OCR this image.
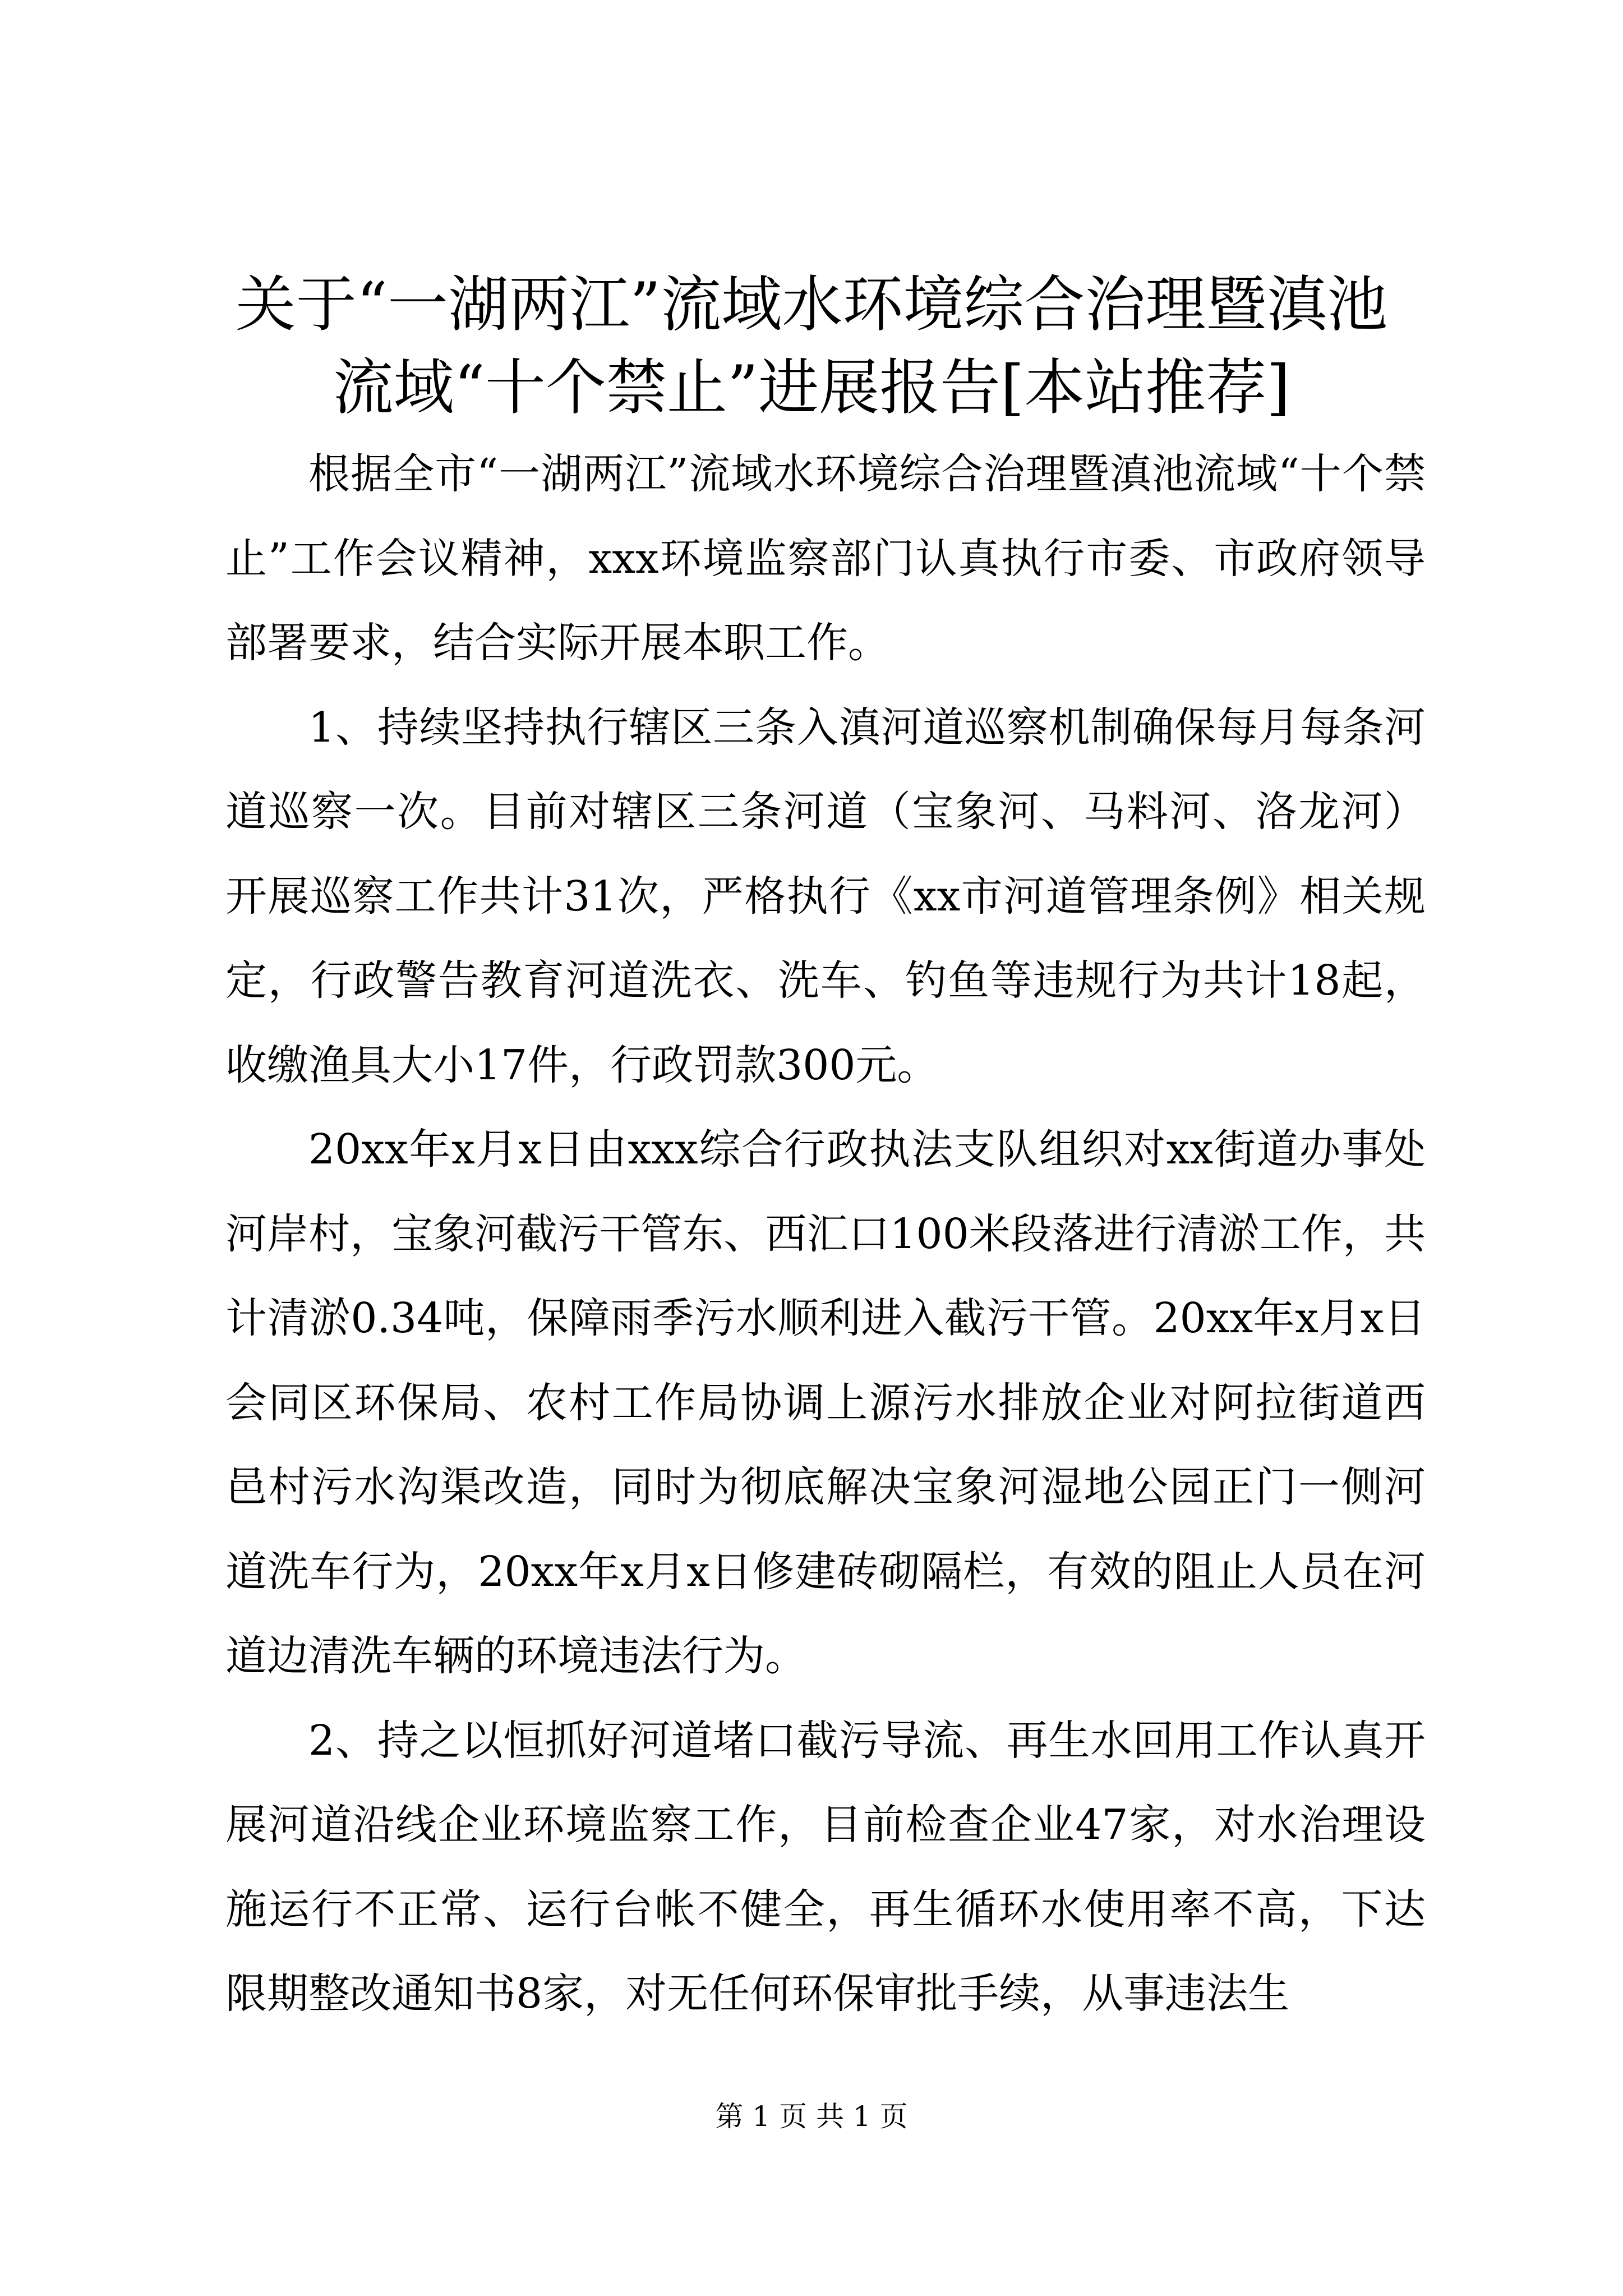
关于“一湖两江”流域水环境综合治理暨滇池
流域“十个禁止”进展报告[本站推荐]

根据全市“一湖两江”流域水环境综合治理暨滇池流域“十个禁止”工作会议精神，xxx环境监察部门认真执行市委、市政府领导部署要求，结合实际开展本职工作。

1、持续坚持执行辖区三条入滇河道巡察机制确保每月每条河道巡察一次。目前对辖区三条河道（宝象河、马料河、洛龙河）开展巡察工作共计31次，严格执行《xx市河道管理条例》相关规定，行政警告教育河道洗衣、洗车、钓鱼等违规行为共计18起，收缴渔具大小17件，行政罚款300元。

20xx年x月x日由xxx综合行政执法支队组织对xx街道办事处河岸村，宝象河截污干管东、西汇口100米段落进行清淤工作，共计清淤0.34吨，保障雨季污水顺利进入截污干管。20xx年x月x日会同区环保局、农村工作局协调上源污水排放企业对阿拉街道西邑村污水沟渠改造，同时为彻底解决宝象河湿地公园正门一侧河道洗车行为，20xx年x月x日修建砖砌隔栏，有效的阻止人员在河道边清洗车辆的环境违法行为。

2、持之以恒抓好河道堵口截污导流、再生水回用工作认真开展河道沿线企业环境监察工作，目前检查企业47家，对水治理设施运行不正常、运行台帐不健全，再生循环水使用率不高，下达限期整改通知书8家，对无任何环保审批手续，从事违法生

第 1 页 共 1 页
